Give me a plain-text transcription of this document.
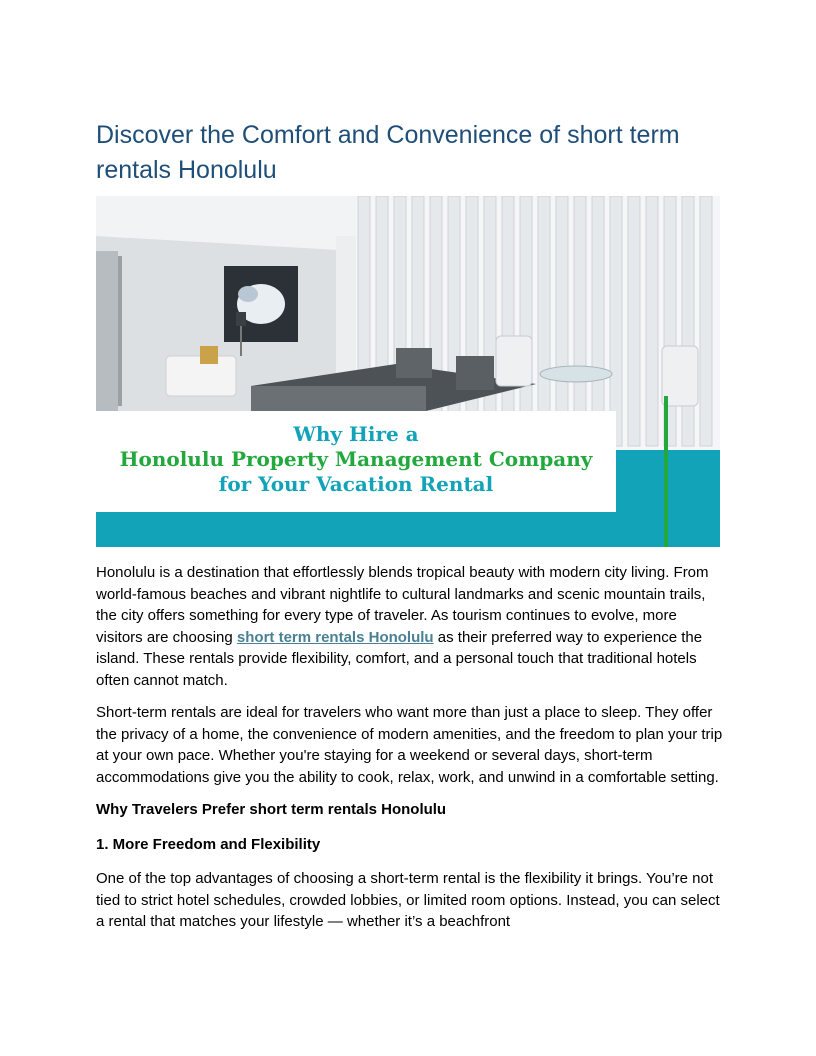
Discover the Comfort and Convenience of short term rentals Honolulu
Why Hire a
Honolulu Property Management Company
for Your Vacation Rental

Honolulu is a destination that effortlessly blends tropical beauty with modern city living. From world-famous beaches and vibrant nightlife to cultural landmarks and scenic mountain trails, the city offers something for every type of traveler. As tourism continues to evolve, more visitors are choosing short term rentals Honolulu as their preferred way to experience the island. These rentals provide flexibility, comfort, and a personal touch that traditional hotels often cannot match.

Short-term rentals are ideal for travelers who want more than just a place to sleep. They offer the privacy of a home, the convenience of modern amenities, and the freedom to plan your trip at your own pace. Whether you're staying for a weekend or several days, short-term accommodations give you the ability to cook, relax, work, and unwind in a comfortable setting.

Why Travelers Prefer short term rentals Honolulu

1. More Freedom and Flexibility

One of the top advantages of choosing a short-term rental is the flexibility it brings. You’re not tied to strict hotel schedules, crowded lobbies, or limited room options. Instead, you can select a rental that matches your lifestyle — whether it’s a beachfront
